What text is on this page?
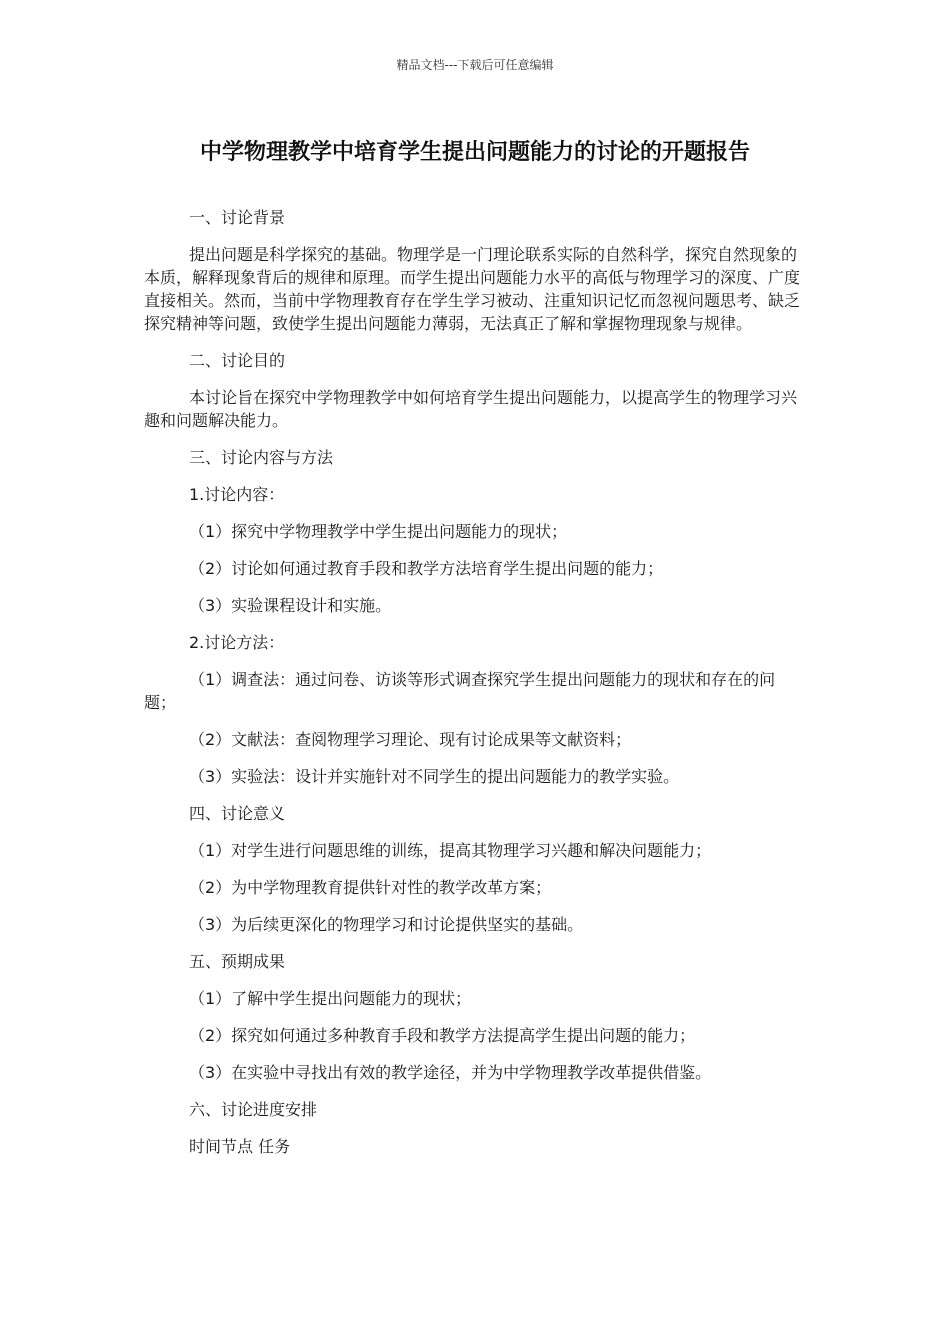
精品文档---下载后可任意编辑
中学物理教学中培育学生提出问题能力的讨论的开题报告

一、讨论背景

提出问题是科学探究的基础。物理学是一门理论联系实际的自然科学，探究自然现象的本质，解释现象背后的规律和原理。而学生提出问题能力水平的高低与物理学习的深度、广度直接相关。然而，当前中学物理教育存在学生学习被动、注重知识记忆而忽视问题思考、缺乏探究精神等问题，致使学生提出问题能力薄弱，无法真正了解和掌握物理现象与规律。

二、讨论目的

本讨论旨在探究中学物理教学中如何培育学生提出问题能力，以提高学生的物理学习兴趣和问题解决能力。

三、讨论内容与方法

1.讨论内容：

（1）探究中学物理教学中学生提出问题能力的现状；

（2）讨论如何通过教育手段和教学方法培育学生提出问题的能力；

（3）实验课程设计和实施。

2.讨论方法：

（1）调查法：通过问卷、访谈等形式调查探究学生提出问题能力的现状和存在的问题；

（2）文献法：查阅物理学习理论、现有讨论成果等文献资料；

（3）实验法：设计并实施针对不同学生的提出问题能力的教学实验。

四、讨论意义

（1）对学生进行问题思维的训练，提高其物理学习兴趣和解决问题能力；

（2）为中学物理教育提供针对性的教学改革方案；

（3）为后续更深化的物理学习和讨论提供坚实的基础。

五、预期成果

（1）了解中学生提出问题能力的现状；

（2）探究如何通过多种教育手段和教学方法提高学生提出问题的能力；

（3）在实验中寻找出有效的教学途径，并为中学物理教学改革提供借鉴。

六、讨论进度安排

时间节点 任务
